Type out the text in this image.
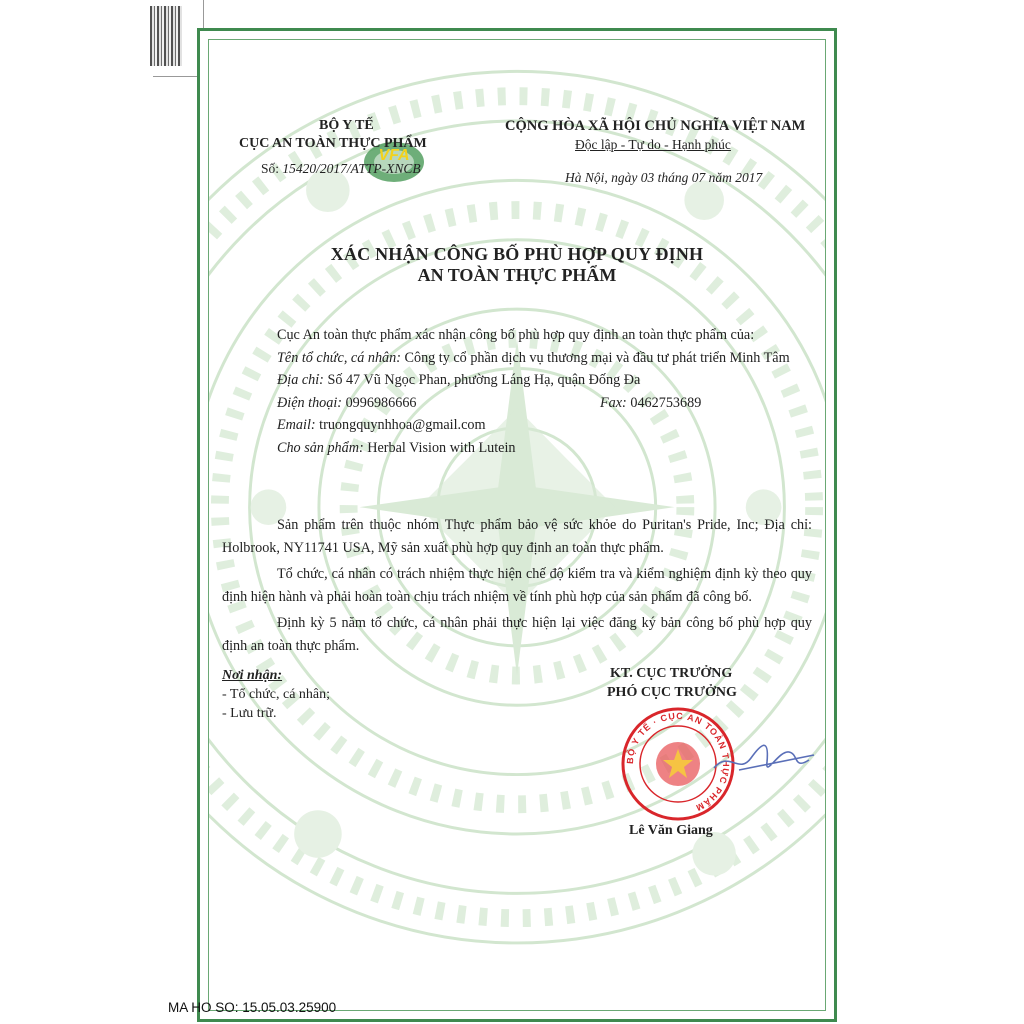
VFA
BỘ Y TẾ
CỤC AN TOÀN THỰC PHẨM
Số: 15420/2017/ATTP-XNCB
CỘNG HÒA XÃ HỘI CHỦ NGHĨA VIỆT NAM
Độc lập - Tự do - Hạnh phúc
Hà Nội, ngày 03 tháng 07 năm 2017
XÁC NHẬN CÔNG BỐ PHÙ HỢP QUY ĐỊNH
AN TOÀN THỰC PHẨM

Cục An toàn thực phẩm xác nhận công bố phù hợp quy định an toàn thực phẩm của:

Tên tổ chức, cá nhân: Công ty cổ phần dịch vụ thương mại và đầu tư phát triển Minh Tâm

Địa chỉ: Số 47 Vũ Ngọc Phan, phường Láng Hạ, quận Đống Đa

Điện thoại: 0996986666	Fax: 0462753689

Email: truongquynhhoa@gmail.com

Cho sản phẩm: Herbal Vision with Lutein

Sản phẩm trên thuộc nhóm Thực phẩm bảo vệ sức khỏe do Puritan's Pride, Inc; Địa chỉ: Holbrook, NY11741 USA, Mỹ sản xuất phù hợp quy định an toàn thực phẩm.

Tổ chức, cá nhân có trách nhiệm thực hiện chế độ kiểm tra và kiểm nghiệm định kỳ theo quy định hiện hành và phải hoàn toàn chịu trách nhiệm về tính phù hợp của sản phẩm đã công bố.

Định kỳ 5 năm tổ chức, cá nhân phải thực hiện lại việc đăng ký bản công bố phù hợp quy định an toàn thực phẩm.

Nơi nhận:
- Tổ chức, cá nhân;
- Lưu trữ.
KT. CỤC TRƯỞNG
PHÓ CỤC TRƯỞNG
BỘ Y TẾ · CỤC AN TOÀN THỰC PHẨM
Lê Văn Giang
MA HO SO: 15.05.03.25900
